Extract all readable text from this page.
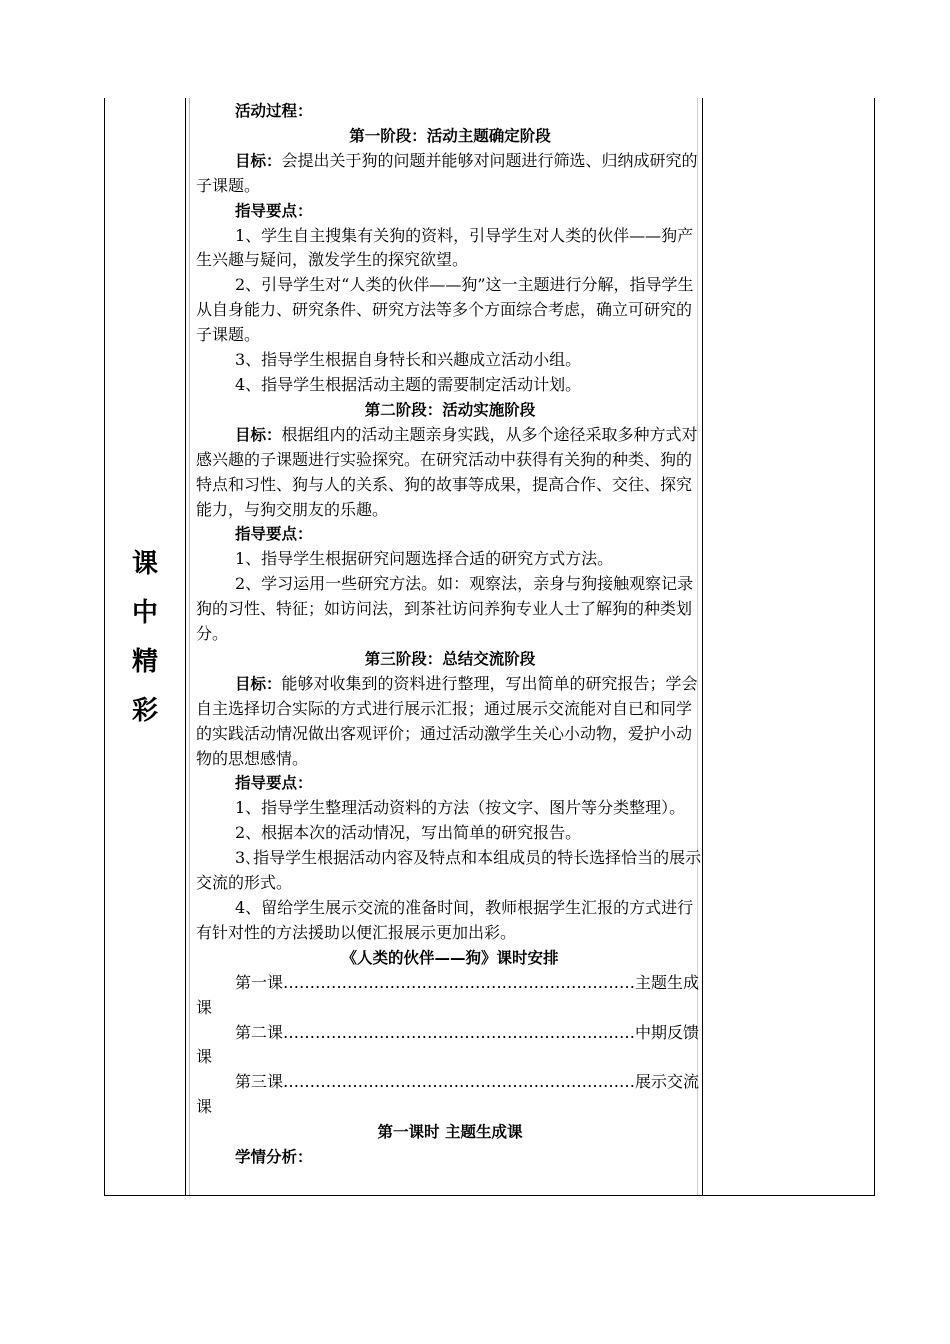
课
中
精
彩

活动过程：

第一阶段：活动主题确定阶段

目标：会提出关于狗的问题并能够对问题进行筛选、归纳成研究的子课题。

指导要点：

1、学生自主搜集有关狗的资料，引导学生对人类的伙伴——狗产生兴趣与疑问，激发学生的探究欲望。

2、引导学生对“人类的伙伴——狗”这一主题进行分解，指导学生从自身能力、研究条件、研究方法等多个方面综合考虑，确立可研究的子课题。

3、指导学生根据自身特长和兴趣成立活动小组。

4、指导学生根据活动主题的需要制定活动计划。

第二阶段：活动实施阶段

目标：根据组内的活动主题亲身实践，从多个途径采取多种方式对感兴趣的子课题进行实验探究。在研究活动中获得有关狗的种类、狗的特点和习性、狗与人的关系、狗的故事等成果，提高合作、交往、探究能力，与狗交朋友的乐趣。

指导要点：

1、指导学生根据研究问题选择合适的研究方式方法。

2、学习运用一些研究方法。如：观察法，亲身与狗接触观察记录狗的习性、特征；如访问法，到茶社访问养狗专业人士了解狗的种类划分。

第三阶段：总结交流阶段

目标：能够对收集到的资料进行整理，写出简单的研究报告；学会自主选择切合实际的方式进行展示汇报；通过展示交流能对自已和同学的实践活动情况做出客观评价；通过活动激学生关心小动物，爱护小动物的思想感情。

指导要点：

1、指导学生整理活动资料的方法（按文字、图片等分类整理）。

2、根据本次的活动情况，写出简单的研究报告。

3､指导学生根据活动内容及特点和本组成员的特长选择恰当的展示交流的形式。

4、留给学生展示交流的准备时间，教师根据学生汇报的方式进行有针对性的方法援助以便汇报展示更加出彩。

《人类的伙伴——狗》课时安排

第一课…………………………………………………………主题生成课

第二课…………………………………………………………中期反馈课

第三课…………………………………………………………展示交流课

第一课时 主题生成课

学情分析：
